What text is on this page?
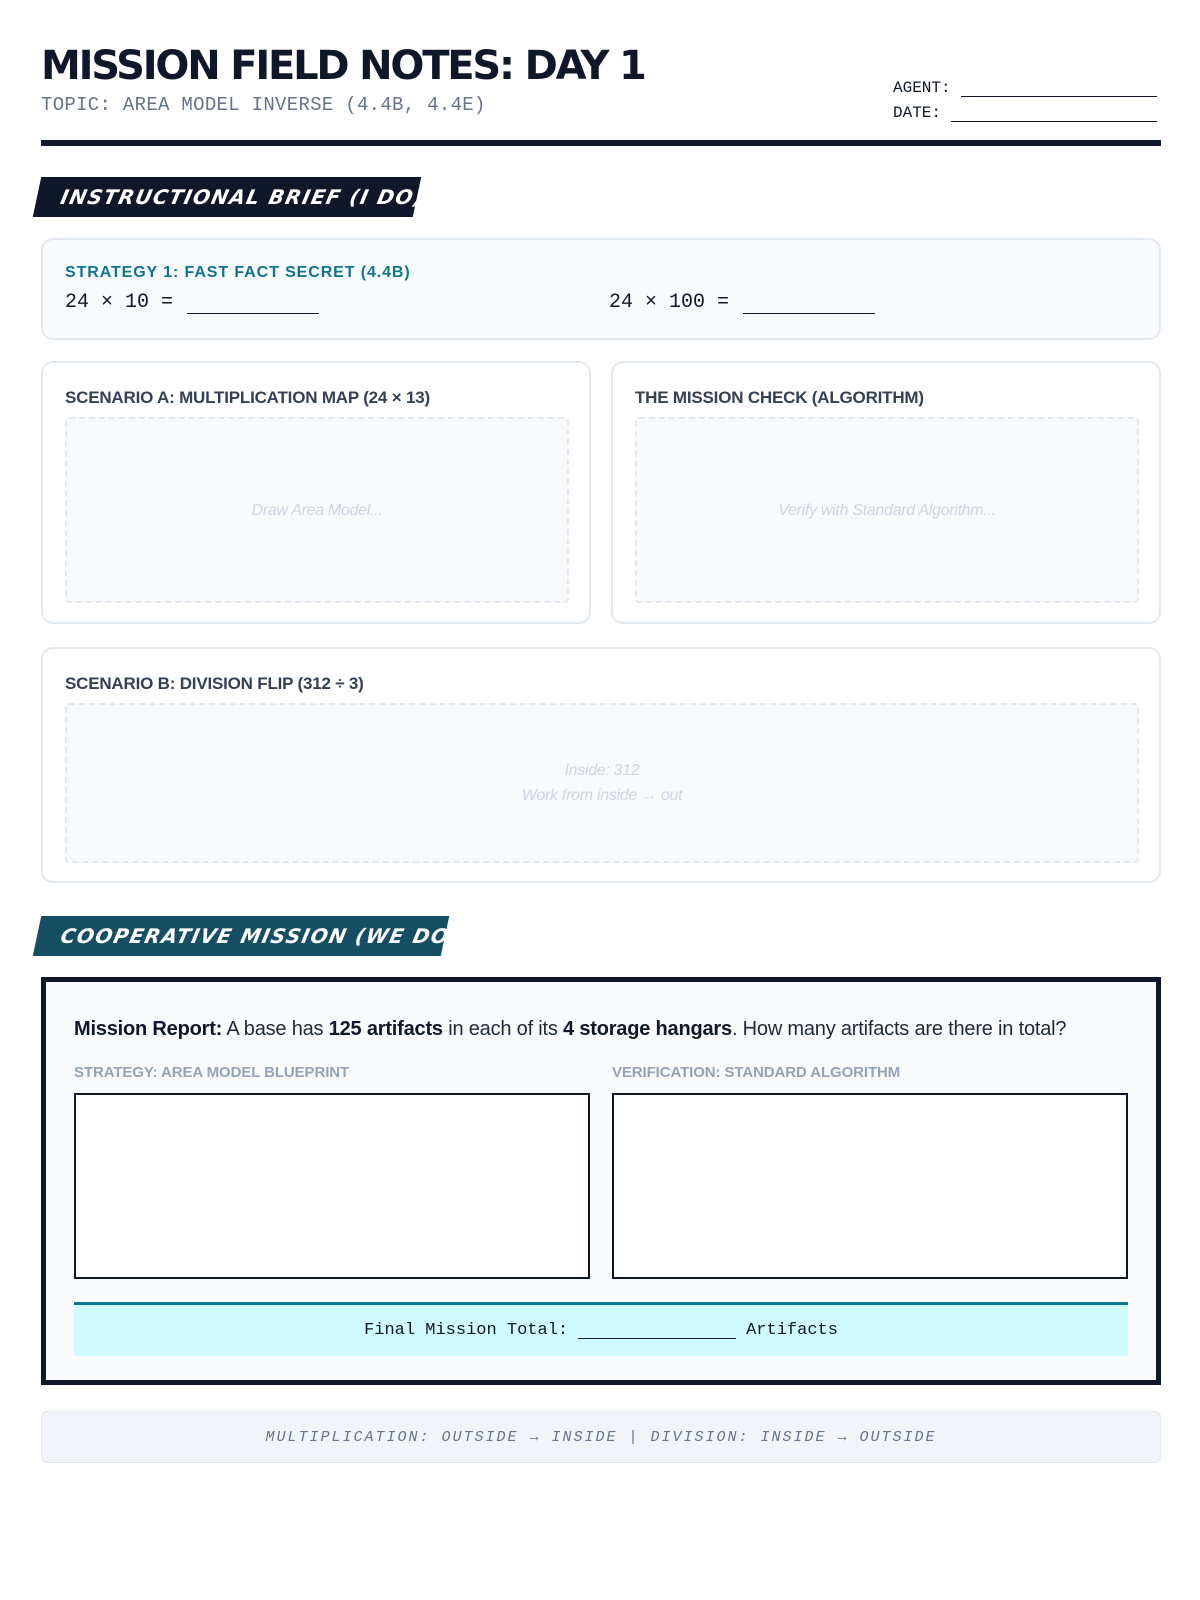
MISSION FIELD NOTES: DAY 1
TOPIC: AREA MODEL INVERSE (4.4B, 4.4E)
AGENT:
DATE:
INSTRUCTIONAL BRIEF (I DO)
STRATEGY 1: FAST FACT SECRET (4.4B)
24 × 10 =	24 × 100 =
SCENARIO A: MULTIPLICATION MAP (24 × 13)
Draw Area Model...
THE MISSION CHECK (ALGORITHM)
Verify with Standard Algorithm...
SCENARIO B: DIVISION FLIP (312 ÷ 3)
Inside: 312
Work from inside → out
COOPERATIVE MISSION (WE DO)
Mission Report: A base has 125 artifacts in each of its 4 storage hangars. How many artifacts are there in total?
STRATEGY: AREA MODEL BLUEPRINT	VERIFICATION: STANDARD ALGORITHM
Final Mission Total:	Artifacts
MULTIPLICATION: OUTSIDE → INSIDE | DIVISION: INSIDE → OUTSIDE
